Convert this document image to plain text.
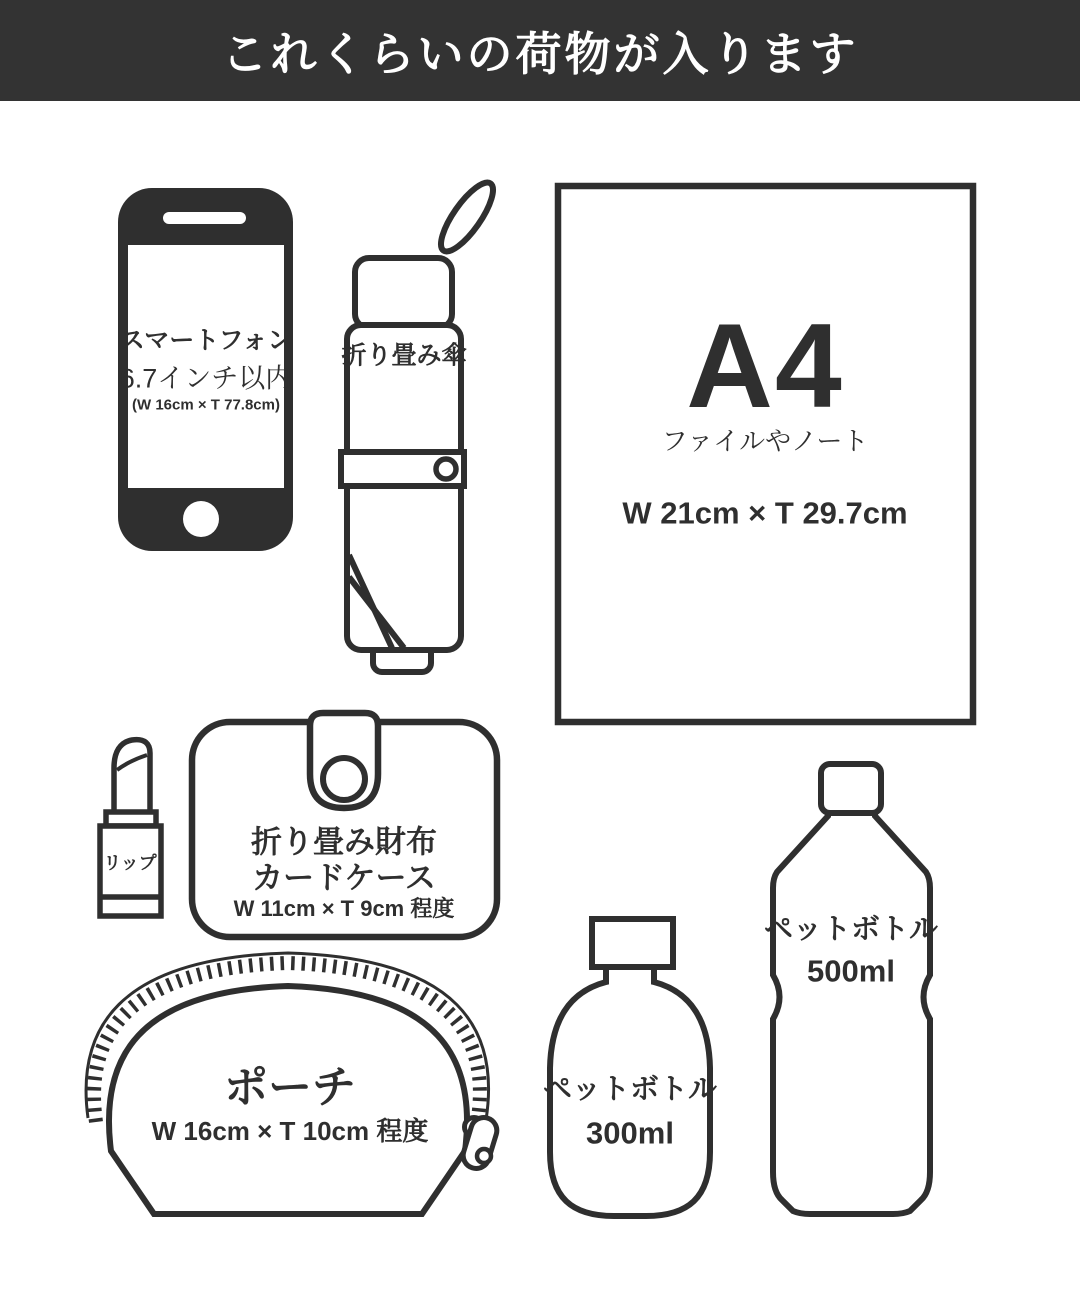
これくらいの荷物が入ります
スマートフォン
6.7インチ以内
(W 16cm × T 77.8cm)
折り畳み傘 A4
ファイルやノート
W 21cm × T 29.7cm
リップ
折り畳み財布
カードケース
W 11cm × T 9cm 程度
ポーチ
W 16cm × T 10cm 程度
ペットボトル
300ml
ペットボトル
500ml
